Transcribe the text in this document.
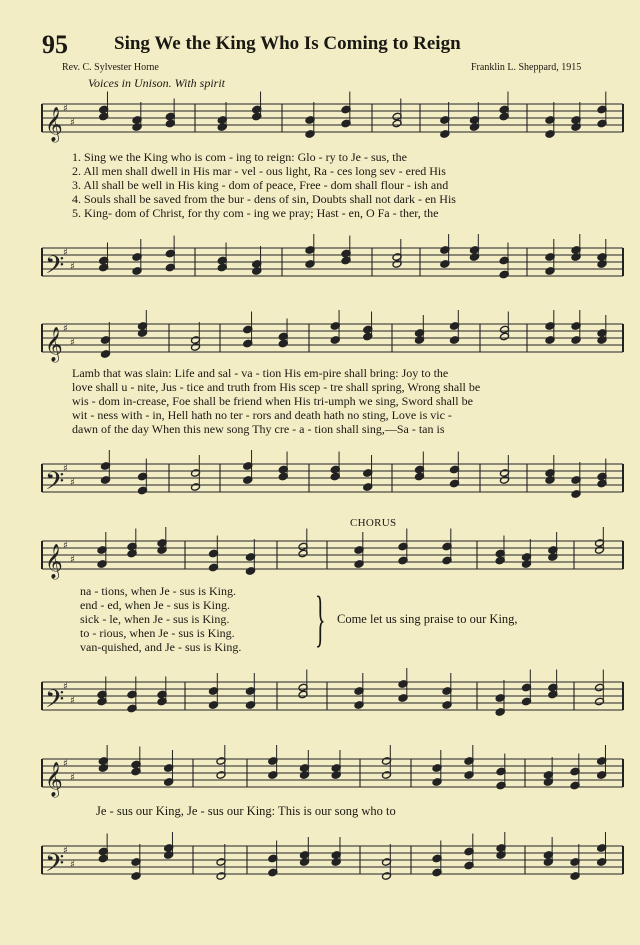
95 Sing We the King Who Is Coming to Reign
Rev. C. Sylvester Horne	Franklin L. Sheppard, 1915
Voices in Unison. With spirit
𝄞 ♯
♯
𝄢
♯
♯
𝄞 ♯
♯
𝄢
♯
♯
𝄞 ♯
♯
𝄢
♯
♯
𝄞 ♯
♯
𝄢
♯
♯
1. Sing we the King who is com - ing to reign: Glo - ry to Je - sus, the
2. All men shall dwell in His mar - vel - ous light, Ra - ces long sev - ered His
3. All shall be well in His king - dom of peace, Free - dom shall flour - ish and
4. Souls shall be saved from the bur - dens of sin, Doubts shall not dark - en His
5. King- dom of Christ, for thy com - ing we pray; Hast - en, O Fa - ther, the
Lamb that was slain: Life and sal - va - tion His em-pire shall bring: Joy to the
love shall u - nite, Jus - tice and truth from His scep - tre shall spring, Wrong shall be
wis - dom in-crease, Foe shall be friend when His tri-umph we sing, Sword shall be
wit - ness with - in, Hell hath no ter - rors and death hath no sting, Love is vic -
dawn of the day When this new song Thy cre - a - tion shall sing,—Sa - tan is
CHORUS
na - tions, when Je - sus is King.
end - ed, when Je - sus is King.
sick - le, when Je - sus is King.
to - rious, when Je - sus is King.
van-quished, and Je - sus is King. } Come let us sing praise to our King,
Je - sus our King, Je - sus our King: This is our song who to
